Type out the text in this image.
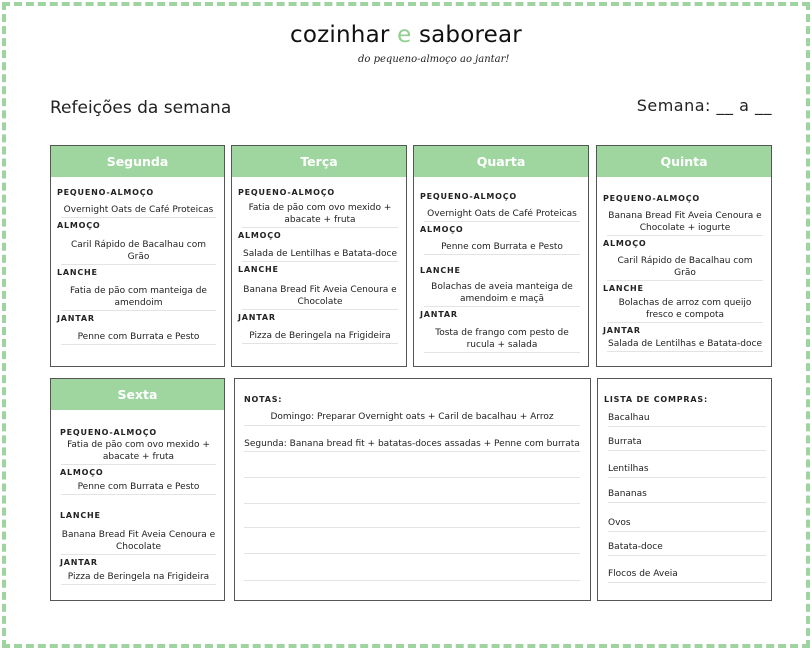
cozinhar e saborear
do pequeno-almoço ao jantar!
Refeições da semana	Semana: __ a __
Segunda
PEQUENO-ALMOÇO
Overnight Oats de Café Proteicas
ALMOÇO
Caril Rápido de Bacalhau com Grão
LANCHE
Fatia de pão com manteiga de amendoim
JANTAR
Penne com Burrata e Pesto
Terça
PEQUENO-ALMOÇO
Fatia de pão com ovo mexido + abacate + fruta
ALMOÇO
Salada de Lentilhas e Batata-doce
LANCHE
Banana Bread Fit Aveia Cenoura e Chocolate
JANTAR
Pizza de Beringela na Frigideira
Quarta
PEQUENO-ALMOÇO
Overnight Oats de Café Proteicas
ALMOÇO
Penne com Burrata e Pesto
LANCHE
Bolachas de aveia manteiga de amendoim e maçã
JANTAR
Tosta de frango com pesto de rucula + salada
Quinta
PEQUENO-ALMOÇO
Banana Bread Fit Aveia Cenoura e Chocolate + iogurte
ALMOÇO
Caril Rápido de Bacalhau com Grão
LANCHE
Bolachas de arroz com queijo fresco e compota
JANTAR
Salada de Lentilhas e Batata-doce
Sexta
PEQUENO-ALMOÇO
Fatia de pão com ovo mexido + abacate + fruta
ALMOÇO
Penne com Burrata e Pesto
LANCHE
Banana Bread Fit Aveia Cenoura e Chocolate
JANTAR
Pizza de Beringela na Frigideira
NOTAS:
Domingo: Preparar Overnight oats + Caril de bacalhau + Arroz
Segunda: Banana bread fit + batatas-doces assadas + Penne com burrata
LISTA DE COMPRAS:
Bacalhau
Burrata
Lentilhas
Bananas
Ovos
Batata-doce
Flocos de Aveia
